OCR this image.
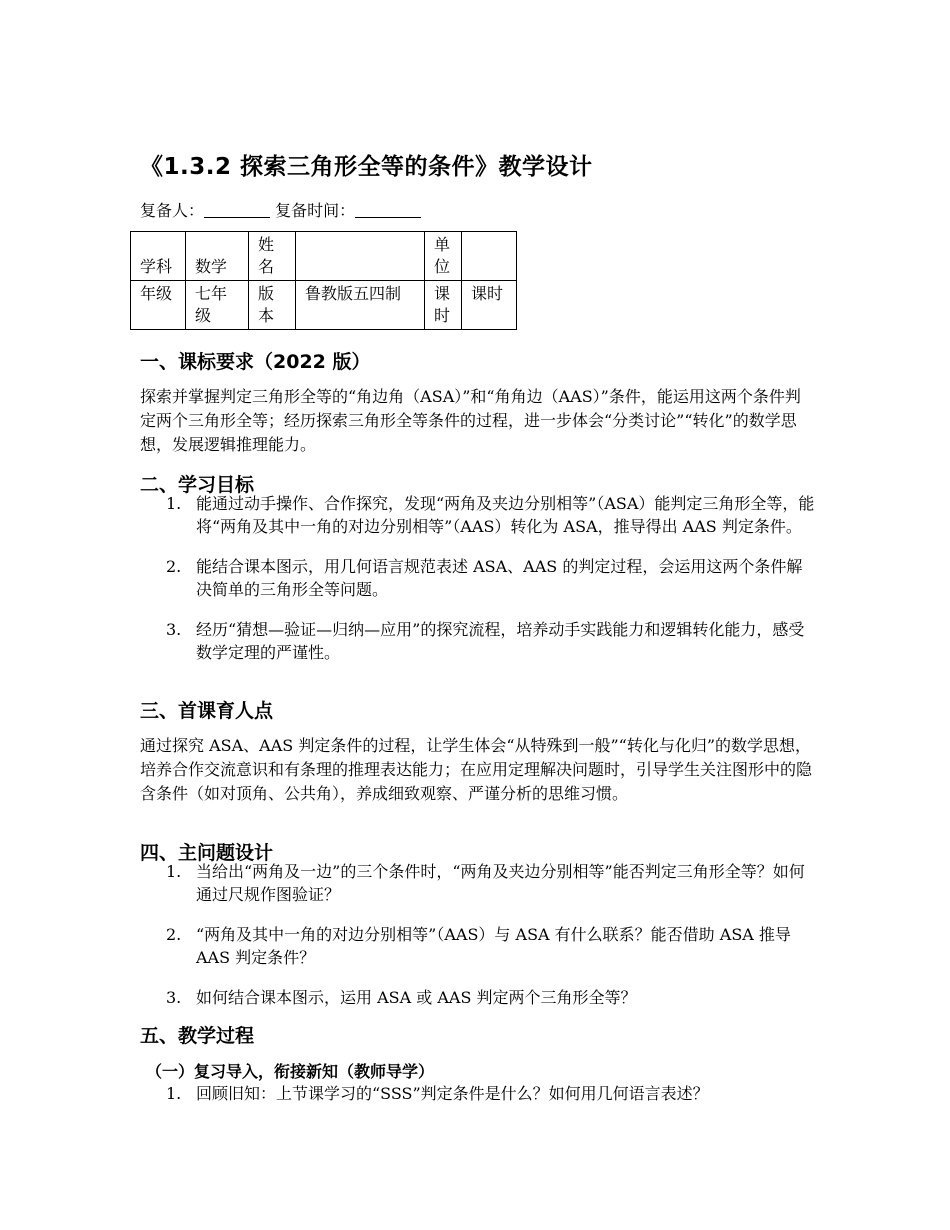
《1.3.2 探索三角形全等的条件》教学设计
复备人：	复备时间：
学科	数学	姓名		单位	
年级	七年级	版本	鲁教版五四制	课时	课时
一、课标要求（2022 版）
探索并掌握判定三角形全等的“角边角（ASA）”和“角角边（AAS）”条件，能运用这两个条件判定两个三角形全等；经历探索三角形全等条件的过程，进一步体会“分类讨论”“转化”的数学思想，发展逻辑推理能力。
二、学习目标
1. 能通过动手操作、合作探究，发现“两角及夹边分别相等”（ASA）能判定三角形全等，能将“两角及其中一角的对边分别相等”（AAS）转化为 ASA，推导得出 AAS 判定条件。
2. 能结合课本图示，用几何语言规范表述 ASA、AAS 的判定过程，会运用这两个条件解决简单的三角形全等问题。
3. 经历“猜想—验证—归纳—应用”的探究流程，培养动手实践能力和逻辑转化能力，感受数学定理的严谨性。
三、首课育人点
通过探究 ASA、AAS 判定条件的过程，让学生体会“从特殊到一般”“转化与化归”的数学思想，培养合作交流意识和有条理的推理表达能力；在应用定理解决问题时，引导学生关注图形中的隐含条件（如对顶角、公共角），养成细致观察、严谨分析的思维习惯。
四、主问题设计
1. 当给出“两角及一边”的三个条件时，“两角及夹边分别相等”能否判定三角形全等？如何通过尺规作图验证？
2. “两角及其中一角的对边分别相等”（AAS）与 ASA 有什么联系？能否借助 ASA 推导 AAS 判定条件？
3. 如何结合课本图示，运用 ASA 或 AAS 判定两个三角形全等？
五、教学过程
（一）复习导入，衔接新知（教师导学）
1. 回顾旧知：上节课学习的“SSS”判定条件是什么？如何用几何语言表述？
